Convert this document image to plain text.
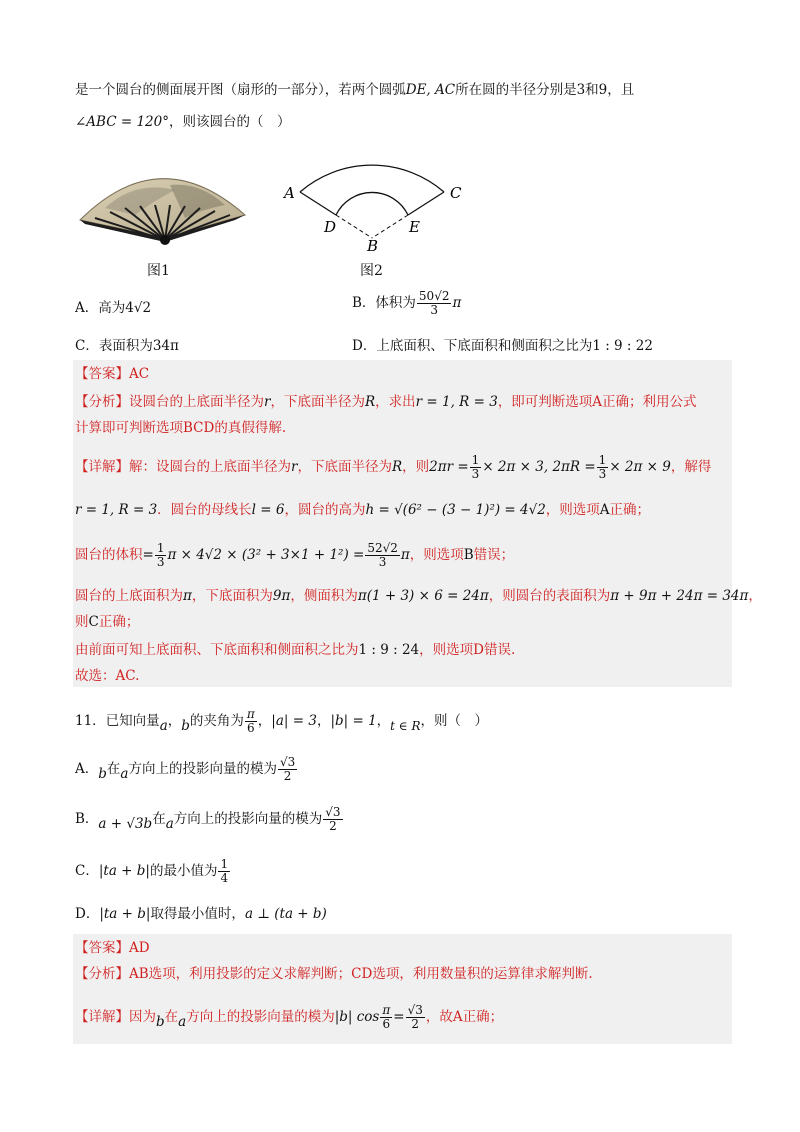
是一个圆台的侧面展开图（扇形的一部分），若两个圆弧DE, AC所在圆的半径分别是3和9，且
∠ABC = 120°，则该圆台的（　）
图1
A	C
D	E
B
图2
A．高为4√2	B．体积为 $\frac{50√2}{3}$ π
C．表面积为34π	D．上底面积、下底面积和侧面积之比为1 : 9 : 22
【答案】AC
【分析】设圆台的上底面半径为r，下底面半径为R，求出r = 1, R = 3，即可判断选项A正确；利用公式
计算即可判断选项BCD的真假得解.
【详解】解：设圆台的上底面半径为r，下底面半径为R，则$2\pi r = \frac{1}{3} \times 2\pi \times 3$, $2\pi R = \frac{1}{3} \times 2\pi \times 9$，解得
r = 1, R = 3．圆台的母线长l = 6，圆台的高为h = √(6² − (3 − 1)²) = 4√2，则选项A正确；
圆台的体积= $\frac{1}{3}$ $\pi \times 4√2 \times (3^2 + 3\times 1 + 1^2) = \frac{52√2}{3}$ π，则选项B错误；
圆台的上底面积为π，下底面积为9π，侧面积为π(1 + 3) × 6 = 24π，则圆台的表面积为π + 9π + 24π = 34π，
则C正确；
由前面可知上底面积、下底面积和侧面积之比为1 : 9 : 24，则选项D错误.
故选：AC.
11．已知向量a，b的夹角为 $\frac{\pi}{6}$ ，|a| = 3，|b| = 1，t ∈ R，则（　）
A．b在a方向上的投影向量的模为 $\frac{√3}{2}$
B．a + √3b在a方向上的投影向量的模为 $\frac{√3}{2}$
C．|ta + b|的最小值为 $\frac{1}{4}$
D．|ta + b|取得最小值时，a ⊥ (ta + b)
【答案】AD
【分析】AB选项，利用投影的定义求解判断；CD选项，利用数量积的运算律求解判断.
【详解】因为b在a方向上的投影向量的模为|b| $\cos \frac{\pi}{6} = \frac{√3}{2}$ ，故A正确；
